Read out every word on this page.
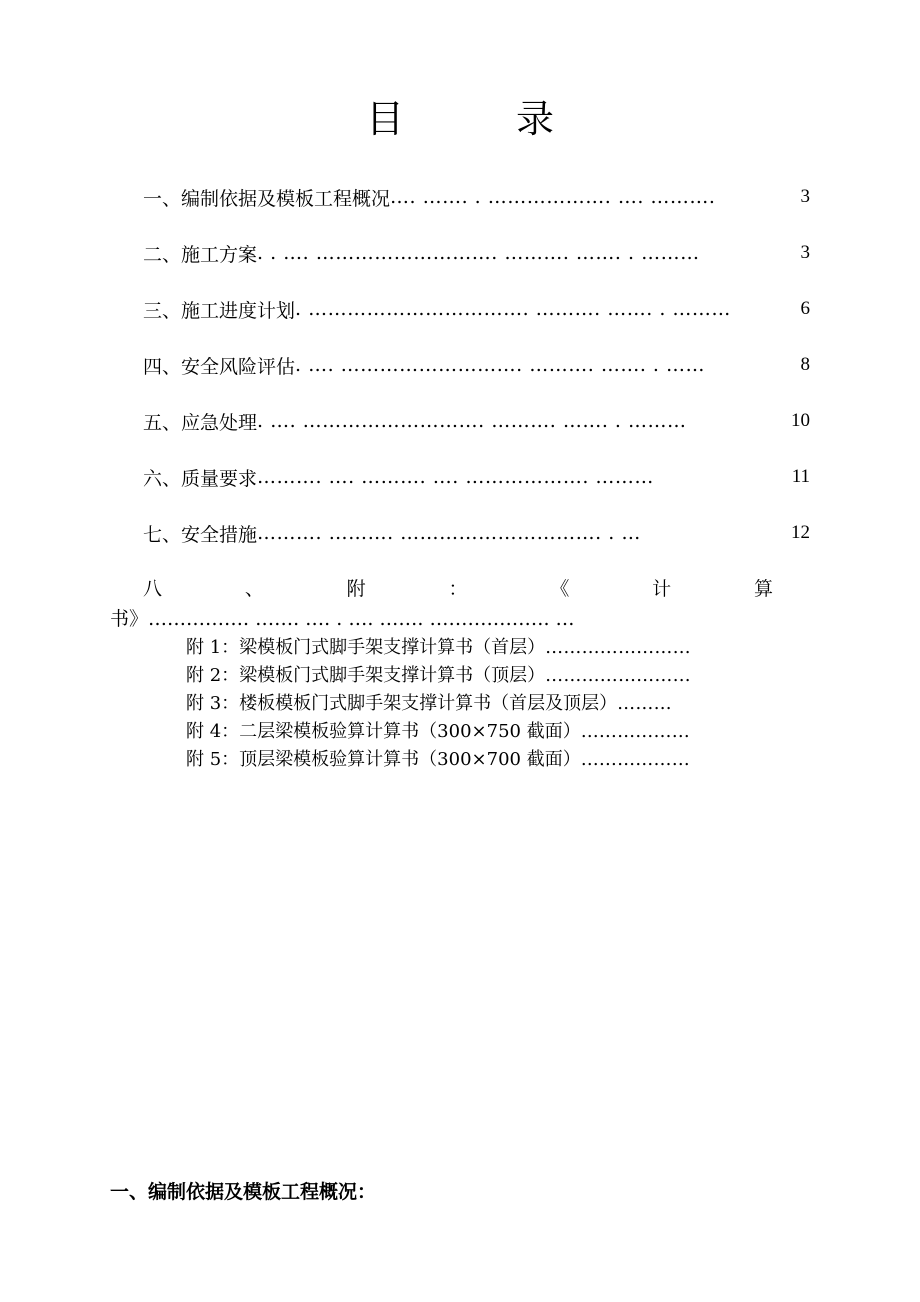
目	录
一、编制依据及模板工程概况 …. ……. . ………………. …. ……….	3
二、施工方案 . . …. ………………………. ………. ……. . ………	3
三、施工进度计划 . ……………………………. ………. ……. . ………	6
四、安全风险评估 . …. ………………………. ………. ……. . ……	8
五、应急处理 . …. ………………………. ………. ……. . ………	10
六、质量要求 ………. …. ………. …. ………………. ………	11
七、安全措施 ………. ………. …………………………. . …	12
八	、	附	：	《	计	算
书》……………. ……. …. . …. ……. ………………. …
附 1：梁模板门式脚手架支撑计算书（首层）……………………
附 2：梁模板门式脚手架支撑计算书（顶层）……………………
附 3：楼板模板门式脚手架支撑计算书（首层及顶层）………
附 4：二层梁模板验算计算书（300×750 截面）………………
附 5：顶层梁模板验算计算书（300×700 截面）………………
一、编制依据及模板工程概况：
